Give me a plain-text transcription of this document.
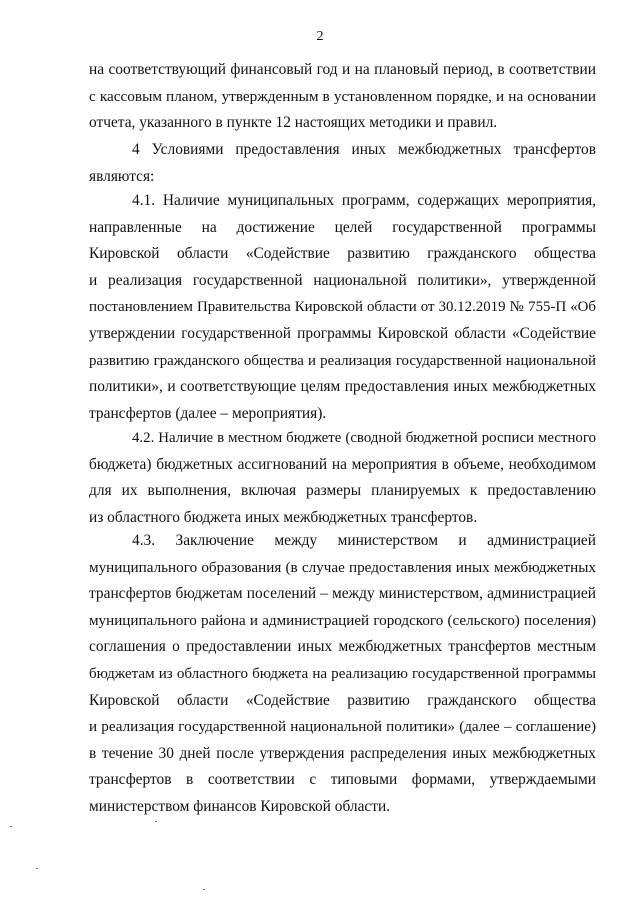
2

на соответствующий финансовый год и на плановый период, в соответствии
с кассовым планом, утвержденным в установленном порядке, и на основании
отчета, указанного в пункте 12 настоящих методики и правил.

4 Условиями предоставления иных межбюджетных трансфертов
являются:

4.1. Наличие муниципальных программ, содержащих мероприятия,
направленные на достижение целей государственной программы
Кировской области «Содействие развитию гражданского общества
и реализация государственной национальной политики», утвержденной
постановлением Правительства Кировской области от 30.12.2019 № 755-П «Об
утверждении государственной программы Кировской области «Содействие
развитию гражданского общества и реализация государственной национальной
политики», и соответствующие целям предоставления иных межбюджетных
трансфертов (далее – мероприятия).

4.2. Наличие в местном бюджете (сводной бюджетной росписи местного
бюджета) бюджетных ассигнований на мероприятия в объеме, необходимом
для их выполнения, включая размеры планируемых к предоставлению
из областного бюджета иных межбюджетных трансфертов.

4.3. Заключение между министерством и администрацией
муниципального образования (в случае предоставления иных межбюджетных
трансфертов бюджетам поселений – между министерством, администрацией
муниципального района и администрацией городского (сельского) поселения)
соглашения о предоставлении иных межбюджетных трансфертов местным
бюджетам из областного бюджета на реализацию государственной программы
Кировской области «Содействие развитию гражданского общества
и реализация государственной национальной политики» (далее – соглашение)
в течение 30 дней после утверждения распределения иных межбюджетных
трансфертов в соответствии с типовыми формами, утверждаемыми
министерством финансов Кировской области.
